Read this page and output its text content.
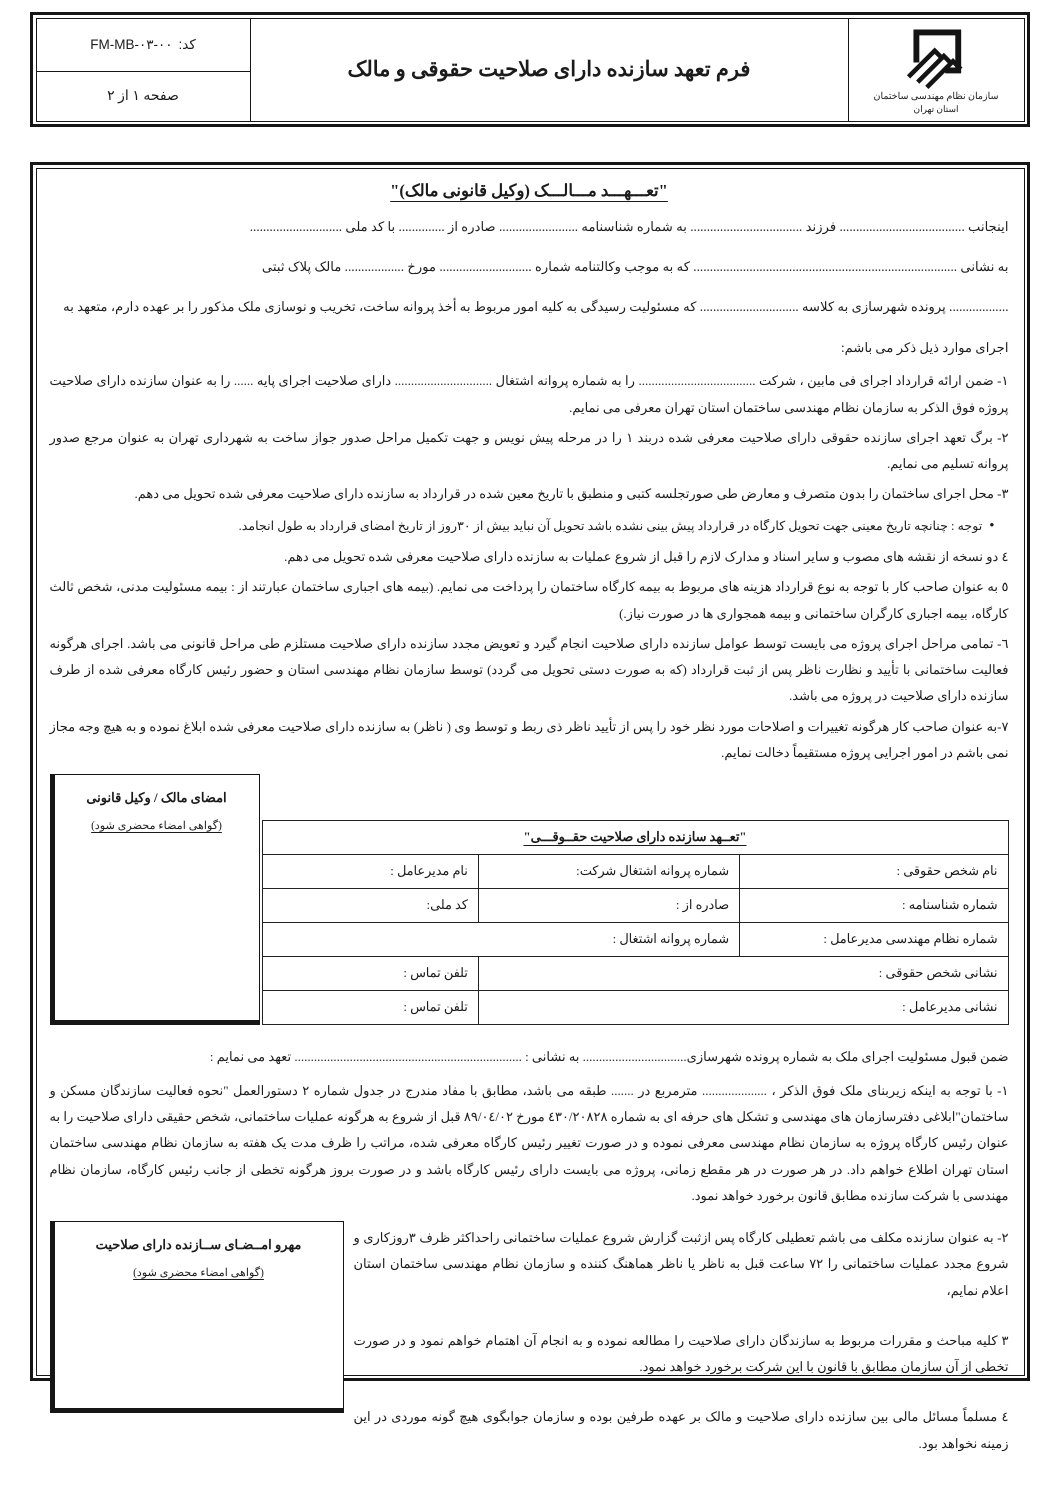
سازمان نظام مهندسی ساختمان
استان تهران
فرم تعهد سازنده دارای صلاحیت حقوقی و مالک
کد:
FM-MB-۰۳-۰۰
صفحه ۱ از ۲
"تعـــهـــد مـــالـــک (وکیل قانونی مالک)"

اینجانب ...................................... فرزند .................................. به شماره شناسنامه ........................ صادره از .............. با کد ملی ............................

به نشانی ................................................................................ که به موجب وکالتنامه شماره ............................ مورخ .................. مالک پلاک ثبتی

.................. پرونده شهرسازی به کلاسه .............................. که مسئولیت رسیدگی به کلیه امور مربوط به أخذ پروانه ساخت، تخریب و نوسازی ملک مذکور را بر عهده دارم، متعهد به

اجرای موارد ذیل ذکر می باشم:

۱- ضمن ارائه قرارداد اجرای فی مابین ، شرکت .................................... را به شماره پروانه اشتغال .............................. دارای صلاحیت اجرای پایه ...... را به عنوان سازنده دارای صلاحیت پروژه فوق الذکر به سازمان نظام مهندسی ساختمان استان تهران معرفی می نمایم.

۲- برگ تعهد اجرای سازنده حقوقی دارای صلاحیت معرفی شده دربند ۱ را در مرحله پیش نویس و جهت تکمیل مراحل صدور جواز ساخت به شهرداری تهران به عنوان مرجع صدور پروانه تسلیم می نمایم.

۳- محل اجرای ساختمان را بدون متصرف و معارض طی صورتجلسه کتبی و منطبق با تاریخ معین شده در قرارداد به سازنده دارای صلاحیت معرفی شده تحویل می دهم.

•توجه : چنانچه تاریخ معینی جهت تحویل کارگاه در قرارداد پیش بینی نشده باشد تحویل آن نباید بیش از ۳۰روز از تاریخ امضای قرارداد به طول انجامد.

٤ دو نسخه از نقشه های مصوب و سایر اسناد و مدارک لازم را قبل از شروع عملیات به سازنده دارای صلاحیت معرفی شده تحویل می دهم.

٥ به عنوان صاحب کار با توجه به نوع قرارداد هزینه های مربوط به بیمه کارگاه ساختمان را پرداخت می نمایم. (بیمه های اجباری ساختمان عبارتند از : بیمه مسئولیت مدنی، شخص ثالث کارگاه، بیمه اجباری کارگران ساختمانی و بیمه همجواری ها در صورت نیاز.)

٦- تمامی مراحل اجرای پروژه می بایست توسط عوامل سازنده دارای صلاحیت انجام گیرد و تعویض مجدد سازنده دارای صلاحیت مستلزم طی مراحل قانونی می باشد. اجرای هرگونه فعالیت ساختمانی با تأیید و نظارت ناظر پس از ثبت قرارداد (که به صورت دستی تحویل می گردد) توسط سازمان نظام مهندسی استان و حضور رئیس کارگاه معرفی شده از طرف سازنده دارای صلاحیت در پروژه می باشد.

۷-به عنوان صاحب کار هرگونه تغییرات و اصلاحات مورد نظر خود را پس از تأیید ناظر ذی ربط و توسط وی ( ناظر) به سازنده دارای صلاحیت معرفی شده ابلاغ نموده و به هیچ وجه مجاز نمی باشم در امور اجرایی پروژه مستقیماً دخالت نمایم.

"تعــهد سازنده دارای صلاحیت حقــوقـــی"		
نام شخص حقوقی :	شماره پروانه اشتغال شرکت:	نام مدیرعامل :
شماره شناسنامه :	صادره از :	کد ملی:
شماره نظام مهندسی مدیرعامل :	شماره پروانه اشتغال :	
نشانی شخص حقوقی :		تلفن تماس :
نشانی مدیرعامل :		تلفن تماس :
امضای مالک / وکیل قانونی
(گواهی امضاء محضری شود)

ضمن قبول مسئولیت اجرای ملک به شماره پرونده شهرسازی................................ به نشانی : ...................................................................... تعهد می نمایم :

۱- با توجه به اینکه زیربنای ملک فوق الذکر ، .................... مترمربع در ....... طبقه می باشد، مطابق با مفاد مندرج در جدول شماره ۲ دستورالعمل "نحوه فعالیت سازندگان مسکن و ساختمان"ابلاغی دفترسازمان های مهندسی و تشکل های حرفه ای به شماره ٤۳۰/۲۰۸۲۸ مورخ ۸۹/۰٤/۰۲ قبل از شروع به هرگونه عملیات ساختمانی، شخص حقیقی دارای صلاحیت را به عنوان رئیس کارگاه پروژه به سازمان نظام مهندسی معرفی نموده و در صورت تغییر رئیس کارگاه معرفی شده، مراتب را ظرف مدت یک هفته به سازمان نظام مهندسی ساختمان استان تهران اطلاع خواهم داد. در هر صورت در هر مقطع زمانی، پروژه می بایست دارای رئیس کارگاه باشد و در صورت بروز هرگونه تخطی از جانب رئیس کارگاه، سازمان نظام مهندسی با شرکت سازنده مطابق قانون برخورد خواهد نمود.

۲- به عنوان سازنده مکلف می باشم تعطیلی کارگاه پس ازثبت گزارش شروع عملیات ساختمانی راحداکثر ظرف ۳روزکاری و شروع مجدد عملیات ساختمانی را ۷۲ ساعت قبل به ناظر یا ناظر هماهنگ کننده و سازمان نظام مهندسی ساختمان استان اعلام نمایم،

۳ کلیه مباحث و مقررات مربوط به سازندگان دارای صلاحیت را مطالعه نموده و به انجام آن اهتمام خواهم نمود و در صورت تخطی از آن سازمان مطابق با قانون با این شرکت برخورد خواهد نمود.

٤ مسلماً مسائل مالی بین سازنده دارای صلاحیت و مالک بر عهده طرفین بوده و سازمان جوابگوی هیچ گونه موردی در این زمینه نخواهد بود.

مهرو امــضـای ســازنده دارای صلاحیت
(گواهی امضاء محضری شود)
